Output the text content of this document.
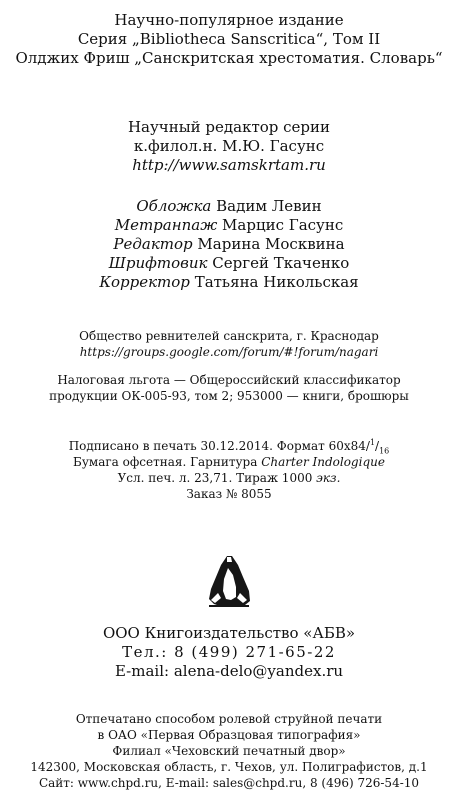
Научно-популярное издание
Серия „Bibliotheca Sanscritica“, Том II
Олджих Фриш „Санскритская хрестоматия. Словарь“
Научный редактор серии
к.филол.н. М.Ю. Гасунс
http://www.samskrtam.ru
Обложка Вадим Левин
Метранпаж Марцис Гасунс
Редактор Марина Москвина
Шрифтовик Сергей Ткаченко
Корректор Татьяна Никольская
Общество ревнителей санскрита, г. Краснодар
https://groups.google.com/forum/#!forum/nagari
Налоговая льгота — Общероссийский классификатор
продукции ОК-005-93, том 2; 953000 — книги, брошюры
Подписано в печать 30.12.2014. Формат $60x84/^1/_{16}$
Бумага офсетная. Гарнитура Charter Indologique
Усл. печ. л. 23,71. Тираж 1000 экз.
Заказ № 8055
ООО Книгоиздательство «АБВ»
Тел.: 8 (499) 271-65-22
E-mail: alena-delo@yandex.ru
Отпечатано способом ролевой струйной печати
в ОАО «Первая Образцовая типография»
Филиал «Чеховский печатный двор»
142300, Московская область, г. Чехов, ул. Полиграфистов, д.1
Сайт: www.chpd.ru, E-mail: sales@chpd.ru, 8 (496) 726-54-10
